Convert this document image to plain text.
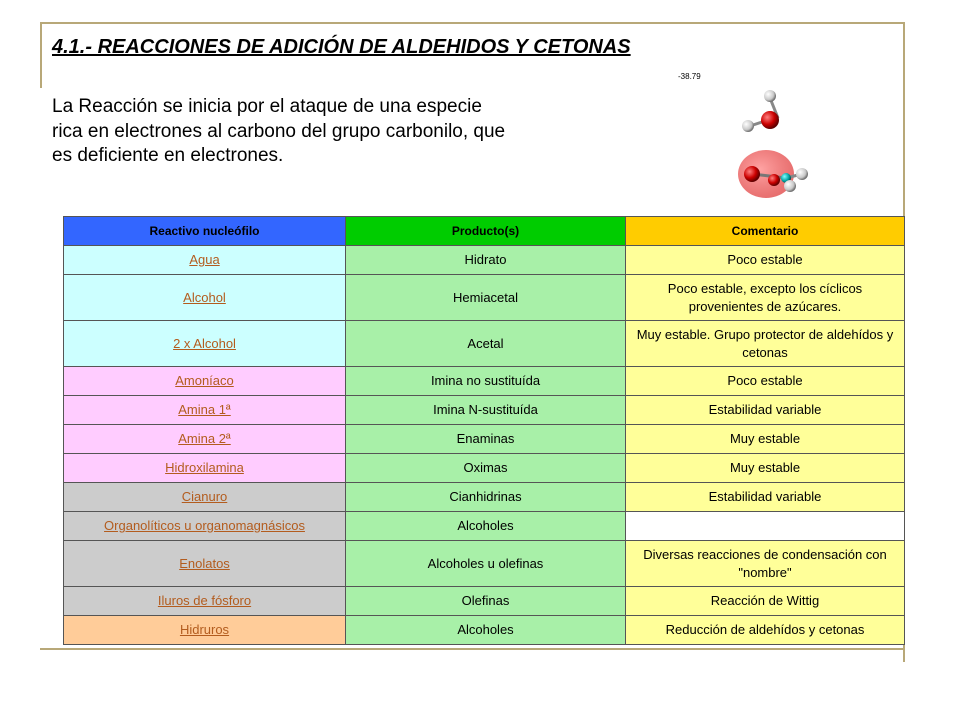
4.1.- REACCIONES DE ADICIÓN DE ALDEHIDOS Y CETONAS

La Reacción se inicia por el ataque de una especie rica en electrones al carbono del grupo carbonilo, que es deficiente en electrones.

-38.79
Reactivo nucleófilo	Producto(s)	Comentario
Agua	Hidrato	Poco estable
Alcohol	Hemiacetal	Poco estable, excepto los cíclicos provenientes de azúcares.
2 x Alcohol	Acetal	Muy estable. Grupo protector de aldehídos y cetonas
Amoníaco	Imina no sustituída	Poco estable
Amina 1ª	Imina N-sustituída	Estabilidad variable
Amina 2ª	Enaminas	Muy estable
Hidroxilamina	Oximas	Muy estable
Cianuro	Cianhidrinas	Estabilidad variable
Organolíticos u organomagnásicos	Alcoholes	
Enolatos	Alcoholes u olefinas	Diversas reacciones de condensación con "nombre"
Iluros de fósforo	Olefinas	Reacción de Wittig
Hidruros	Alcoholes	Reducción de aldehídos y cetonas
